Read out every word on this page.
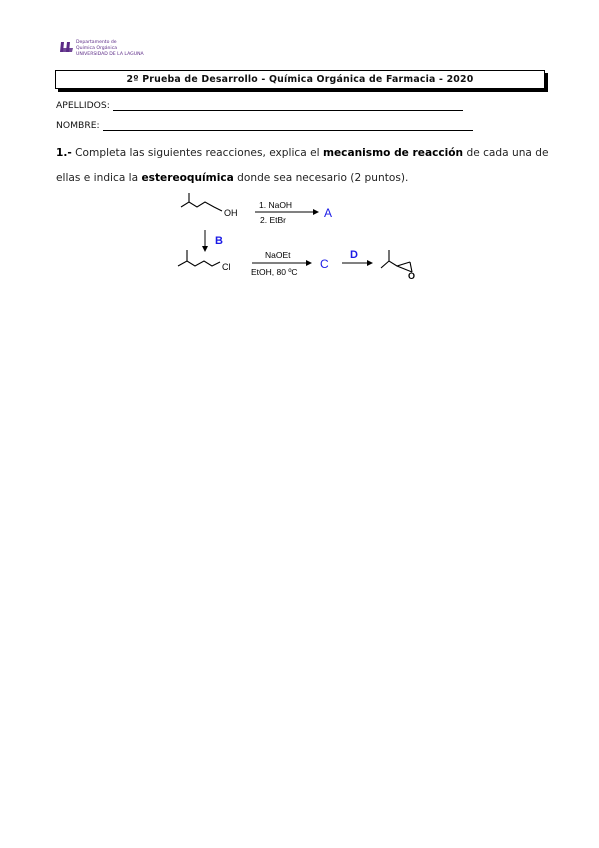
Departamento de
Química Orgánica
UNIVERSIDAD DE LA LAGUNA
2º Prueba de Desarrollo - Química Orgánica de Farmacia - 2020
APELLIDOS:
NOMBRE:
1.- Completa las siguientes reacciones, explica el mecanismo de reacción de cada una de ellas e indica la estereoquímica donde sea necesario (2 puntos).
OH
1. NaOH
2. EtBr	A
B
Cl
NaOEt
EtOH, 80 ºC
C
D
O
